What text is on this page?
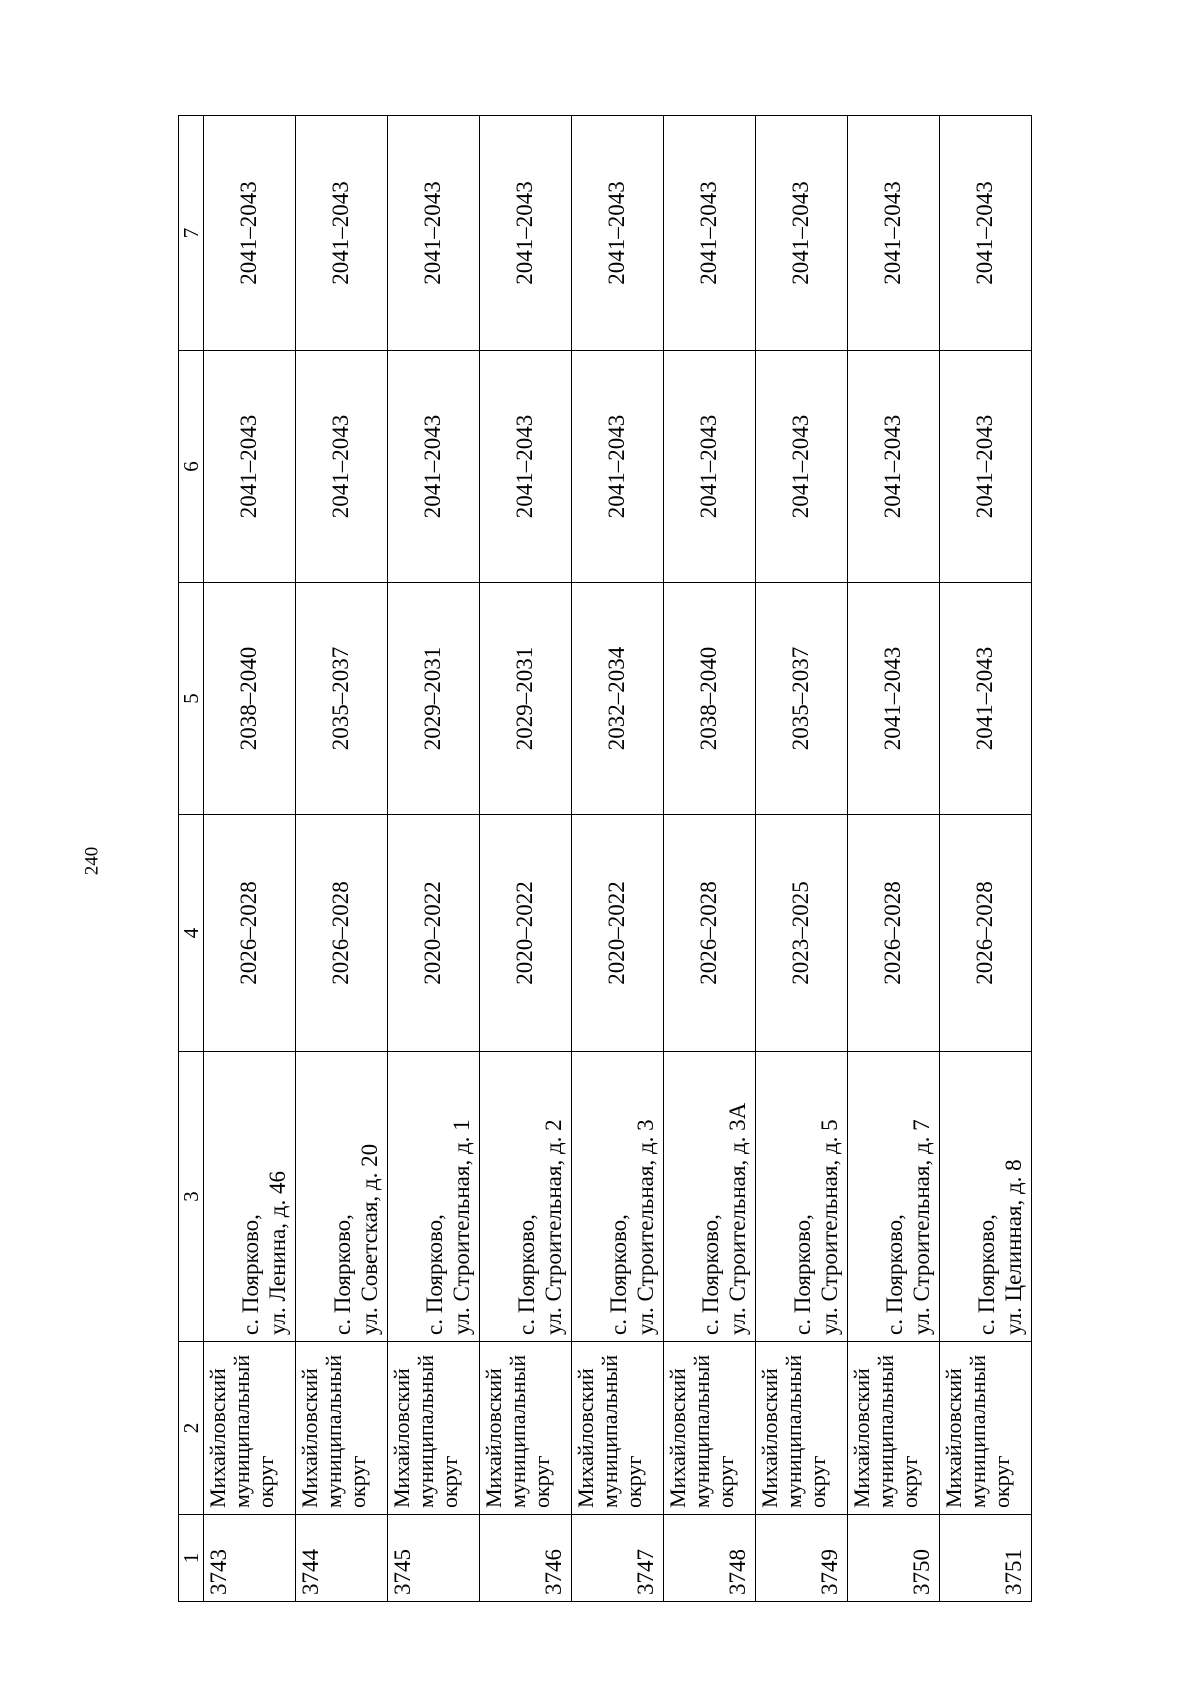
240
1	2	3	4	5	6	7
3743	Михайловский
муниципальный
округ	с. Поярково, ул. Ленина, д. 46	2026–2028	2038–2040	2041–2043	2041–2043
3744	Михайловский
муниципальный
округ	с. Поярково, ул. Советская, д. 20	2026–2028	2035–2037	2041–2043	2041–2043
3745	Михайловский
муниципальный
округ	с. Поярково, ул. Строительная, д. 1	2020–2022	2029–2031	2041–2043	2041–2043
3746	Михайловский
муниципальный
округ	с. Поярково, ул. Строительная, д. 2	2020–2022	2029–2031	2041–2043	2041–2043
3747	Михайловский
муниципальный
округ	с. Поярково, ул. Строительная, д. 3	2020–2022	2032–2034	2041–2043	2041–2043
3748	Михайловский
муниципальный
округ	с. Поярково, ул. Строительная, д. 3А	2026–2028	2038–2040	2041–2043	2041–2043
3749	Михайловский
муниципальный
округ	с. Поярково, ул. Строительная, д. 5	2023–2025	2035–2037	2041–2043	2041–2043
3750	Михайловский
муниципальный
округ	с. Поярково, ул. Строительная, д. 7	2026–2028	2041–2043	2041–2043	2041–2043
3751	Михайловский
муниципальный
округ	с. Поярково, ул. Целинная, д. 8	2026–2028	2041–2043	2041–2043	2041–2043
